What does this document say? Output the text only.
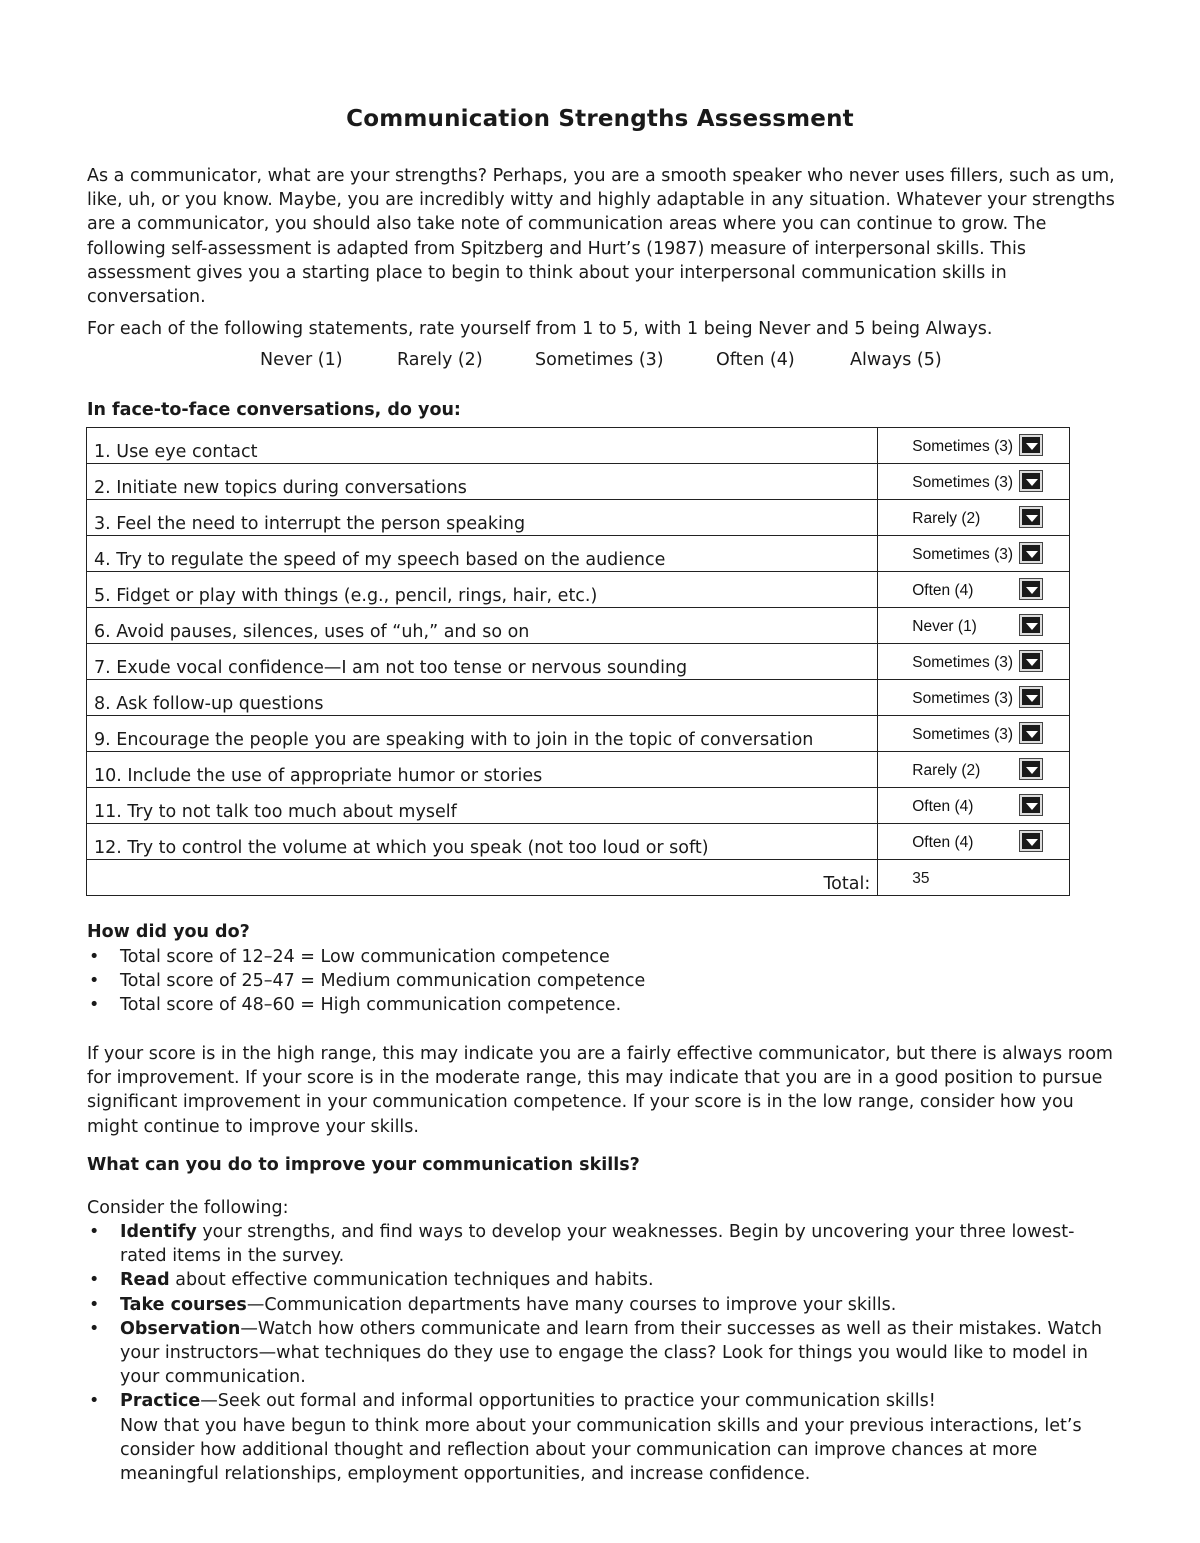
Communication Strengths Assessment
As a communicator, what are your strengths? Perhaps, you are a smooth speaker who never uses fillers, such as um, like, uh, or you know. Maybe, you are incredibly witty and highly adaptable in any situation. Whatever your strengths are a communicator, you should also take note of communication areas where you can continue to grow. The following self-assessment is adapted from Spitzberg and Hurt’s (1987) measure of interpersonal skills. This assessment gives you a starting place to begin to think about your interpersonal communication skills in conversation.
For each of the following statements, rate yourself from 1 to 5, with 1 being Never and 5 being Always.
Never (1)	Rarely (2)	Sometimes (3)	Often (4)	Always (5)
In face-to-face conversations, do you:
1. Use eye contact	Sometimes (3)

2. Initiate new topics during conversations	Sometimes (3)

3. Feel the need to interrupt the person speaking	Rarely (2)

4. Try to regulate the speed of my speech based on the audience	Sometimes (3)

5. Fidget or play with things (e.g., pencil, rings, hair, etc.)	Often (4)

6. Avoid pauses, silences, uses of “uh,” and so on	Never (1)

7. Exude vocal confidence—I am not too tense or nervous sounding	Sometimes (3)

8. Ask follow-up questions	Sometimes (3)

9. Encourage the people you are speaking with to join in the topic of conversation	Sometimes (3)

10. Include the use of appropriate humor or stories	Rarely (2)

11. Try to not talk too much about myself	Often (4)

12. Try to control the volume at which you speak (not too loud or soft)	Often (4)

Total:	35
How did you do?
• Total score of 12–24 = Low communication competence
• Total score of 25–47 = Medium communication competence
• Total score of 48–60 = High communication competence.
If your score is in the high range, this may indicate you are a fairly effective communicator, but there is always room for improvement. If your score is in the moderate range, this may indicate that you are in a good position to pursue significant improvement in your communication competence. If your score is in the low range, consider how you might continue to improve your skills.
What can you do to improve your communication skills?
Consider the following:
• Identify your strengths, and find ways to develop your weaknesses. Begin by uncovering your three lowest-rated items in the survey.
• Read about effective communication techniques and habits.
• Take courses—Communication departments have many courses to improve your skills.
• Observation—Watch how others communicate and learn from their successes as well as their mistakes. Watch your instructors—what techniques do they use to engage the class? Look for things you would like to model in your communication.
• Practice—Seek out formal and informal opportunities to practice your communication skills!
Now that you have begun to think more about your communication skills and your previous interactions, let’s consider how additional thought and reflection about your communication can improve chances at more meaningful relationships, employment opportunities, and increase confidence.
